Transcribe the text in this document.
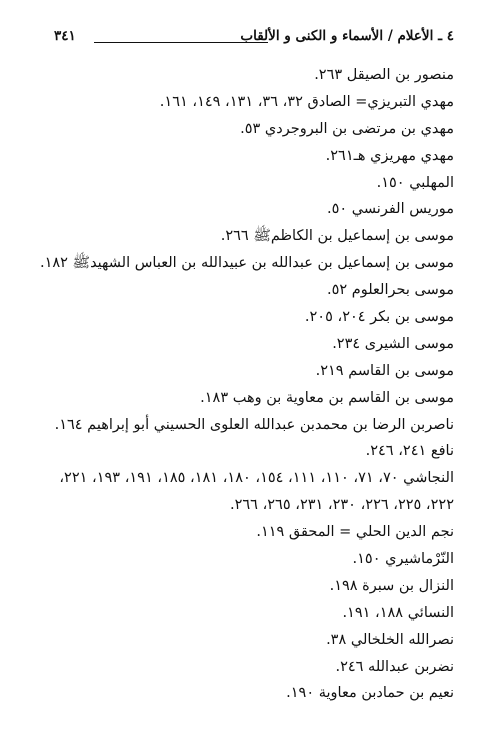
٤ ـ الأعلام / الأسماء و الكنى و الألقاب
٣٤١
منصور بن الصيقل ٢٦٣.
مهدي التبريزي= الصادق ٣٢، ٣٦، ١٣١، ١٤٩، ١٦١.
مهدي بن مرتضى بن البروجردي ٥٣.
مهدي مهريزي هـ٢٦١.
المهلبي ١٥٠.
موريس الفرنسي ٥٠.
موسى بن إسماعيل بن الكاظمﷺ ٢٦٦.
موسى بن إسماعيل بن عبدالله بن عبيدالله بن العباس الشهيدﷺ ١٨٢.
موسى بحرالعلوم ٥٢.
موسى بن بكر ٢٠٤، ٢٠٥.
موسى الشيرى ٢٣٤.
موسى بن القاسم ٢١٩.
موسى بن القاسم بن معاوية بن وهب ١٨٣.
ناصربن الرضا بن محمدبن عبدالله العلوى الحسيني أبو إبراهيم ١٦٤.
نافع ٢٤١، ٢٤٦.
النجاشي ٧٠، ٧١، ١١٠، ١١١، ١٥٤، ١٨٠، ١٨١، ١٨٥، ١٩١، ١٩٣، ٢٢١،
٢٢٢، ٢٢٥، ٢٢٦، ٢٣٠، ٢٣١، ٢٦٥، ٢٦٦.
نجم الدين الحلي = المحقق ١١٩.
النّرْماشيري ١٥٠.
النزال بن سبرة ١٩٨.
النسائي ١٨٨، ١٩١.
نصرالله الخلخالي ٣٨.
نضربن عبدالله ٢٤٦.
نعيم بن حمادبن معاوية ١٩٠.
